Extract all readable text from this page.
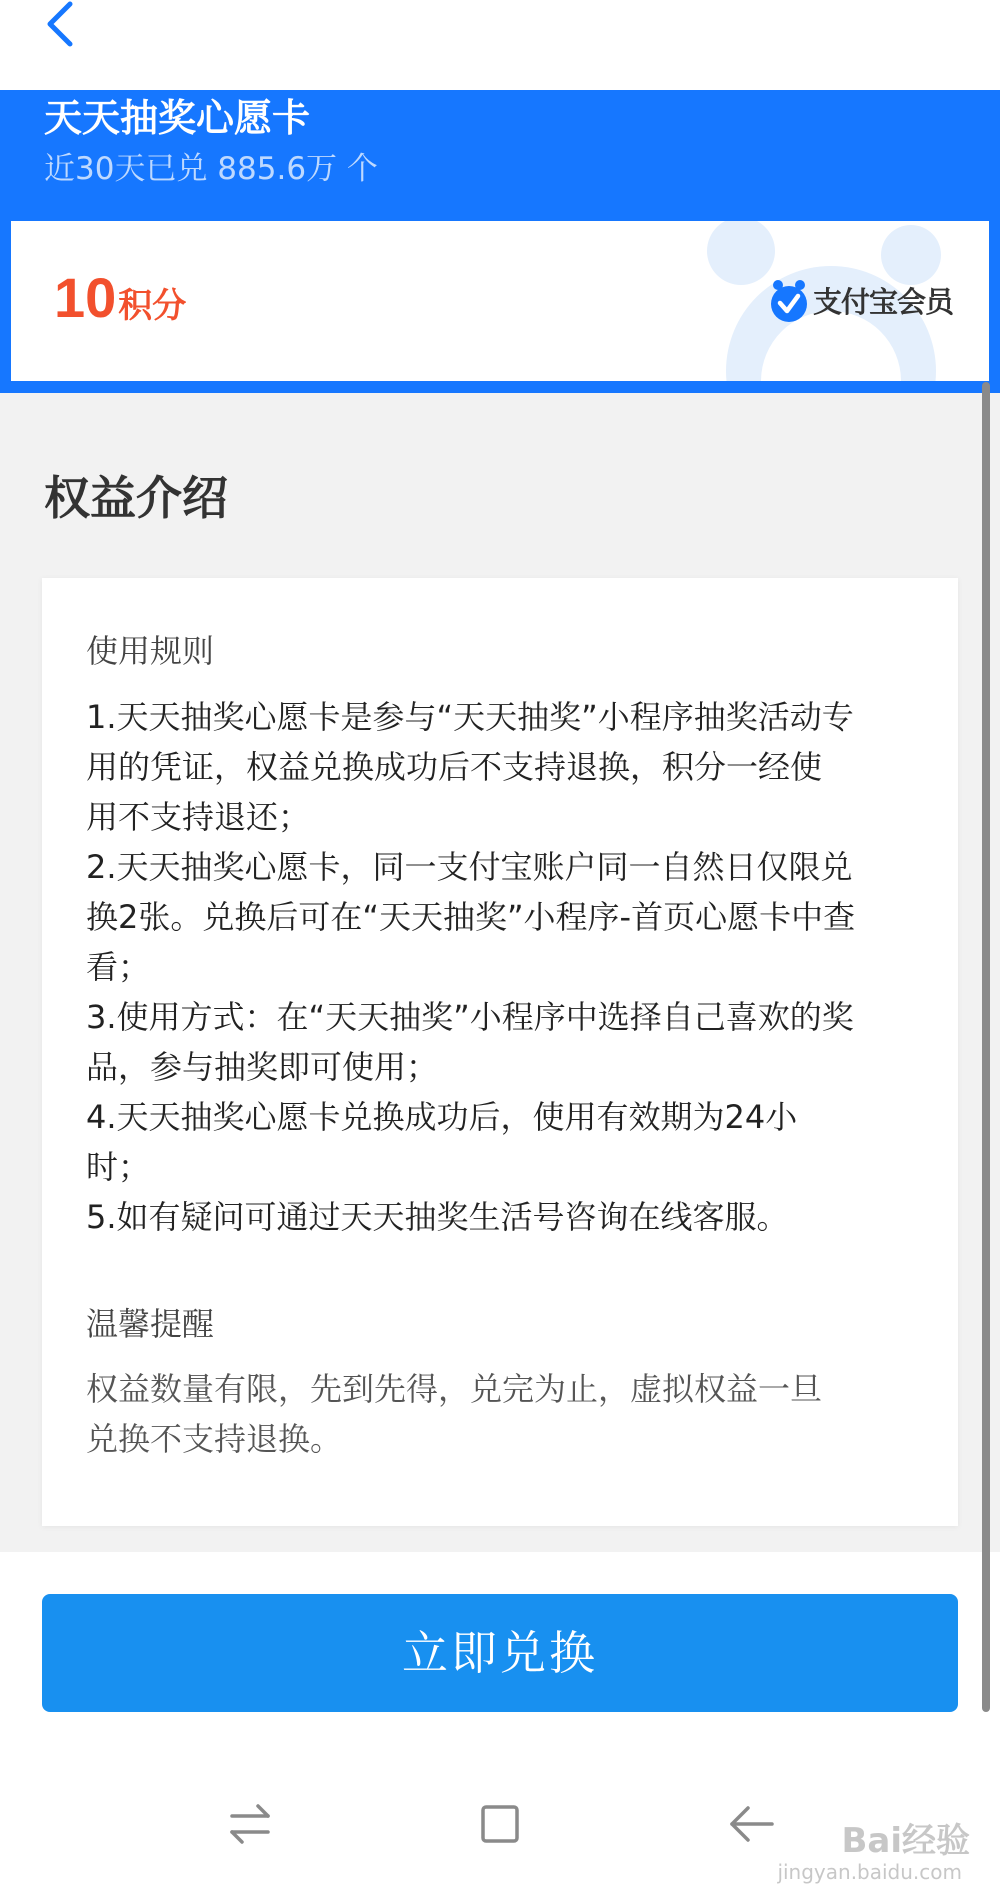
天天抽奖心愿卡
近30天已兑 885.6万 个
10积分	支付宝会员
权益介绍
使用规则
1.天天抽奖心愿卡是参与“天天抽奖”小程序抽奖活动专
用的凭证，权益兑换成功后不支持退换，积分一经使
用不支持退还；
2.天天抽奖心愿卡，同一支付宝账户同一自然日仅限兑
换2张。兑换后可在“天天抽奖”小程序-首页心愿卡中查
看；
3.使用方式：在“天天抽奖”小程序中选择自己喜欢的奖
品，参与抽奖即可使用；
4.天天抽奖心愿卡兑换成功后，使用有效期为24小
时；
5.如有疑问可通过天天抽奖生活号咨询在线客服。
温馨提醒
权益数量有限，先到先得，兑完为止，虚拟权益一旦
兑换不支持退换。
立即兑换
Bai经验
jingyan.baidu.com
